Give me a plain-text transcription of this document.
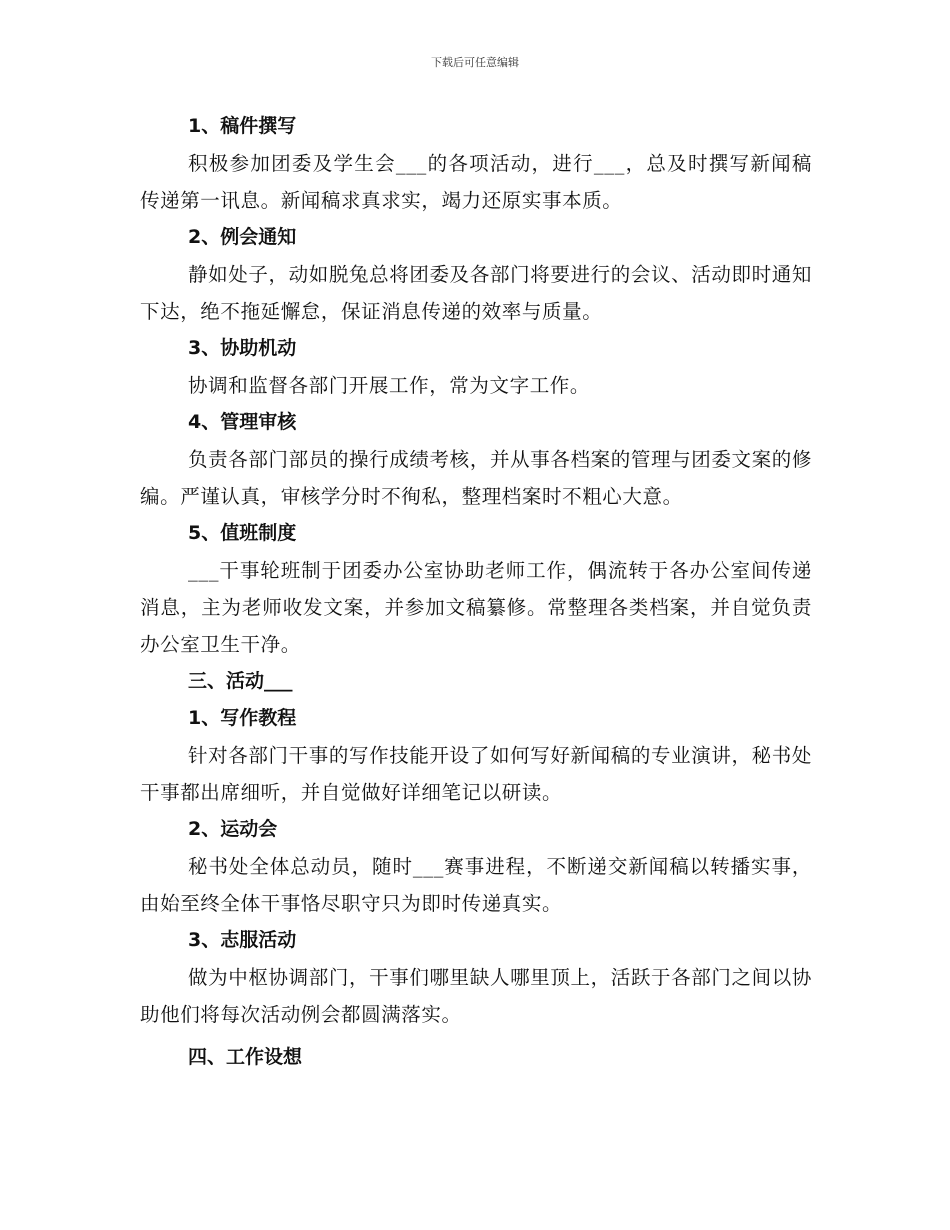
下载后可任意编辑

1、稿件撰写

积极参加团委及学生会___的各项活动，进行___，总及时撰写新闻稿传递第一讯息。新闻稿求真求实，竭力还原实事本质。

2、例会通知

静如处子，动如脱兔总将团委及各部门将要进行的会议、活动即时通知下达，绝不拖延懈怠，保证消息传递的效率与质量。

3、协助机动

协调和监督各部门开展工作，常为文字工作。

4、管理审核

负责各部门部员的操行成绩考核，并从事各档案的管理与团委文案的修编。严谨认真，审核学分时不徇私，整理档案时不粗心大意。

5、值班制度

___干事轮班制于团委办公室协助老师工作，偶流转于各办公室间传递消息，主为老师收发文案，并参加文稿纂修。常整理各类档案，并自觉负责办公室卫生干净。

三、活动___

1、写作教程

针对各部门干事的写作技能开设了如何写好新闻稿的专业演讲，秘书处干事都出席细听，并自觉做好详细笔记以研读。

2、运动会

秘书处全体总动员，随时___赛事进程，不断递交新闻稿以转播实事，由始至终全体干事恪尽职守只为即时传递真实。

3、志服活动

做为中枢协调部门，干事们哪里缺人哪里顶上，活跃于各部门之间以协助他们将每次活动例会都圆满落实。

四、工作设想
